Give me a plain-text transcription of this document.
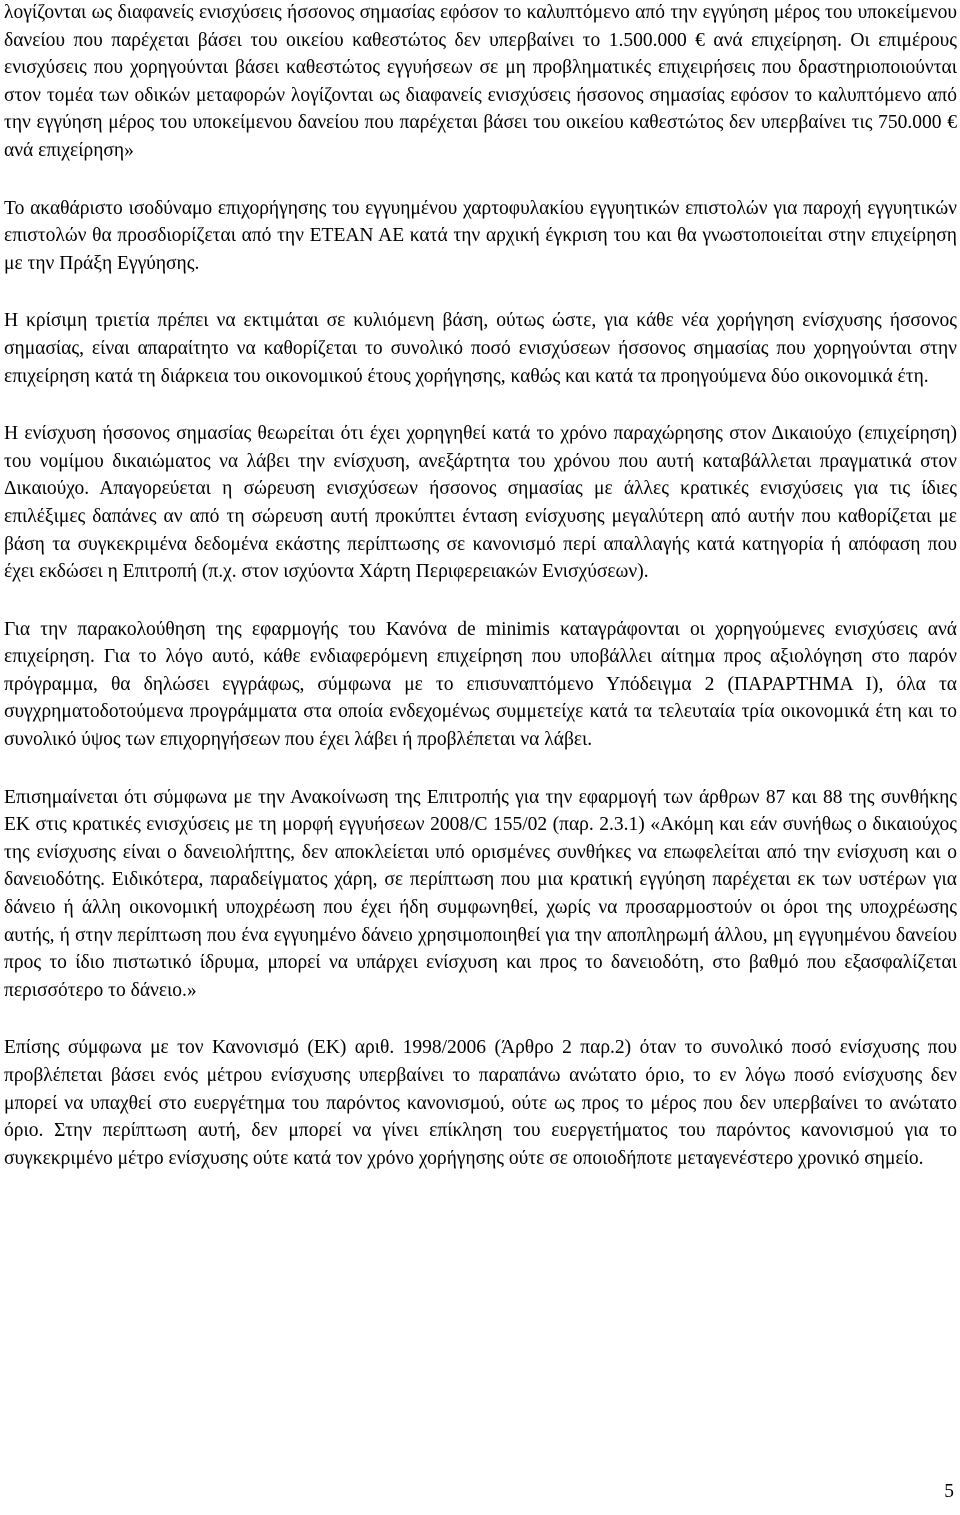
λογίζονται ως διαφανείς ενισχύσεις ήσσονος σημασίας εφόσον το καλυπτόμενο από την εγγύηση μέρος του υποκείμενου δανείου που παρέχεται βάσει του οικείου καθεστώτος δεν υπερβαίνει το 1.500.000 € ανά επιχείρηση. Οι επιμέρους ενισχύσεις που χορηγούνται βάσει καθεστώτος εγγυήσεων σε μη προβληματικές επιχειρήσεις που δραστηριοποιούνται στον τομέα των οδικών μεταφορών λογίζονται ως διαφανείς ενισχύσεις ήσσονος σημασίας εφόσον το καλυπτόμενο από την εγγύηση μέρος του υποκείμενου δανείου που παρέχεται βάσει του οικείου καθεστώτος δεν υπερβαίνει τις 750.000 € ανά επιχείρηση»

Το ακαθάριστο ισοδύναμο επιχορήγησης του εγγυημένου χαρτοφυλακίου εγγυητικών επιστολών για παροχή εγγυητικών επιστολών θα προσδιορίζεται από την ΕΤΕΑΝ ΑΕ κατά την αρχική έγκριση του και θα γνωστοποιείται στην επιχείρηση με την Πράξη Εγγύησης.

Η κρίσιμη τριετία πρέπει να εκτιμάται σε κυλιόμενη βάση, ούτως ώστε, για κάθε νέα χορήγηση ενίσχυσης ήσσονος σημασίας, είναι απαραίτητο να καθορίζεται το συνολικό ποσό ενισχύσεων ήσσονος σημασίας που χορηγούνται στην επιχείρηση κατά τη διάρκεια του οικονομικού έτους χορήγησης, καθώς και κατά τα προηγούμενα δύο οικονομικά έτη.

Η ενίσχυση ήσσονος σημασίας θεωρείται ότι έχει χορηγηθεί κατά το χρόνο παραχώρησης στον Δικαιούχο (επιχείρηση) του νομίμου δικαιώματος να λάβει την ενίσχυση, ανεξάρτητα του χρόνου που αυτή καταβάλλεται πραγματικά στον Δικαιούχο. Απαγορεύεται η σώρευση ενισχύσεων ήσσονος σημασίας με άλλες κρατικές ενισχύσεις για τις ίδιες επιλέξιμες δαπάνες αν από τη σώρευση αυτή προκύπτει ένταση ενίσχυσης μεγαλύτερη από αυτήν που καθορίζεται με βάση τα συγκεκριμένα δεδομένα εκάστης περίπτωσης σε κανονισμό περί απαλλαγής κατά κατηγορία ή απόφαση που έχει εκδώσει η Επιτροπή (π.χ. στον ισχύοντα Χάρτη Περιφερειακών Ενισχύσεων).

Για την παρακολούθηση της εφαρμογής του Κανόνα de minimis καταγράφονται οι χορηγούμενες ενισχύσεις ανά επιχείρηση. Για το λόγο αυτό, κάθε ενδιαφερόμενη επιχείρηση που υποβάλλει αίτημα προς αξιολόγηση στο παρόν πρόγραμμα, θα δηλώσει εγγράφως, σύμφωνα με το επισυναπτόμενο Υπόδειγμα 2 (ΠΑΡΑΡΤΗΜΑ Ι), όλα τα συγχρηματοδοτούμενα προγράμματα στα οποία ενδεχομένως συμμετείχε κατά τα τελευταία τρία οικονομικά έτη και το συνολικό ύψος των επιχορηγήσεων που έχει λάβει ή προβλέπεται να λάβει.

Επισημαίνεται ότι σύμφωνα με την Ανακοίνωση της Επιτροπής για την εφαρμογή των άρθρων 87 και 88 της συνθήκης ΕΚ στις κρατικές ενισχύσεις με τη μορφή εγγυήσεων 2008/C 155/02 (παρ. 2.3.1) «Ακόμη και εάν συνήθως ο δικαιούχος της ενίσχυσης είναι ο δανειολήπτης, δεν αποκλείεται υπό ορισμένες συνθήκες να επωφελείται από την ενίσχυση και ο δανειοδότης. Ειδικότερα, παραδείγματος χάρη, σε περίπτωση που μια κρατική εγγύηση παρέχεται εκ των υστέρων για δάνειο ή άλλη οικονομική υποχρέωση που έχει ήδη συμφωνηθεί, χωρίς να προσαρμοστούν οι όροι της υποχρέωσης αυτής, ή στην περίπτωση που ένα εγγυημένο δάνειο χρησιμοποιηθεί για την αποπληρωμή άλλου, μη εγγυημένου δανείου προς το ίδιο πιστωτικό ίδρυμα, μπορεί να υπάρχει ενίσχυση και προς το δανειοδότη, στο βαθμό που εξασφαλίζεται περισσότερο το δάνειο.»

Επίσης σύμφωνα με τον Κανονισμό (ΕΚ) αριθ. 1998/2006 (Άρθρο 2 παρ.2) όταν το συνολικό ποσό ενίσχυσης που προβλέπεται βάσει ενός μέτρου ενίσχυσης υπερβαίνει το παραπάνω ανώτατο όριο, το εν λόγω ποσό ενίσχυσης δεν μπορεί να υπαχθεί στο ευεργέτημα του παρόντος κανονισμού, ούτε ως προς το μέρος που δεν υπερβαίνει το ανώτατο όριο. Στην περίπτωση αυτή, δεν μπορεί να γίνει επίκληση του ευεργετήματος του παρόντος κανονισμού για το συγκεκριμένο μέτρο ενίσχυσης ούτε κατά τον χρόνο χορήγησης ούτε σε οποιοδήποτε μεταγενέστερο χρονικό σημείο.

5
